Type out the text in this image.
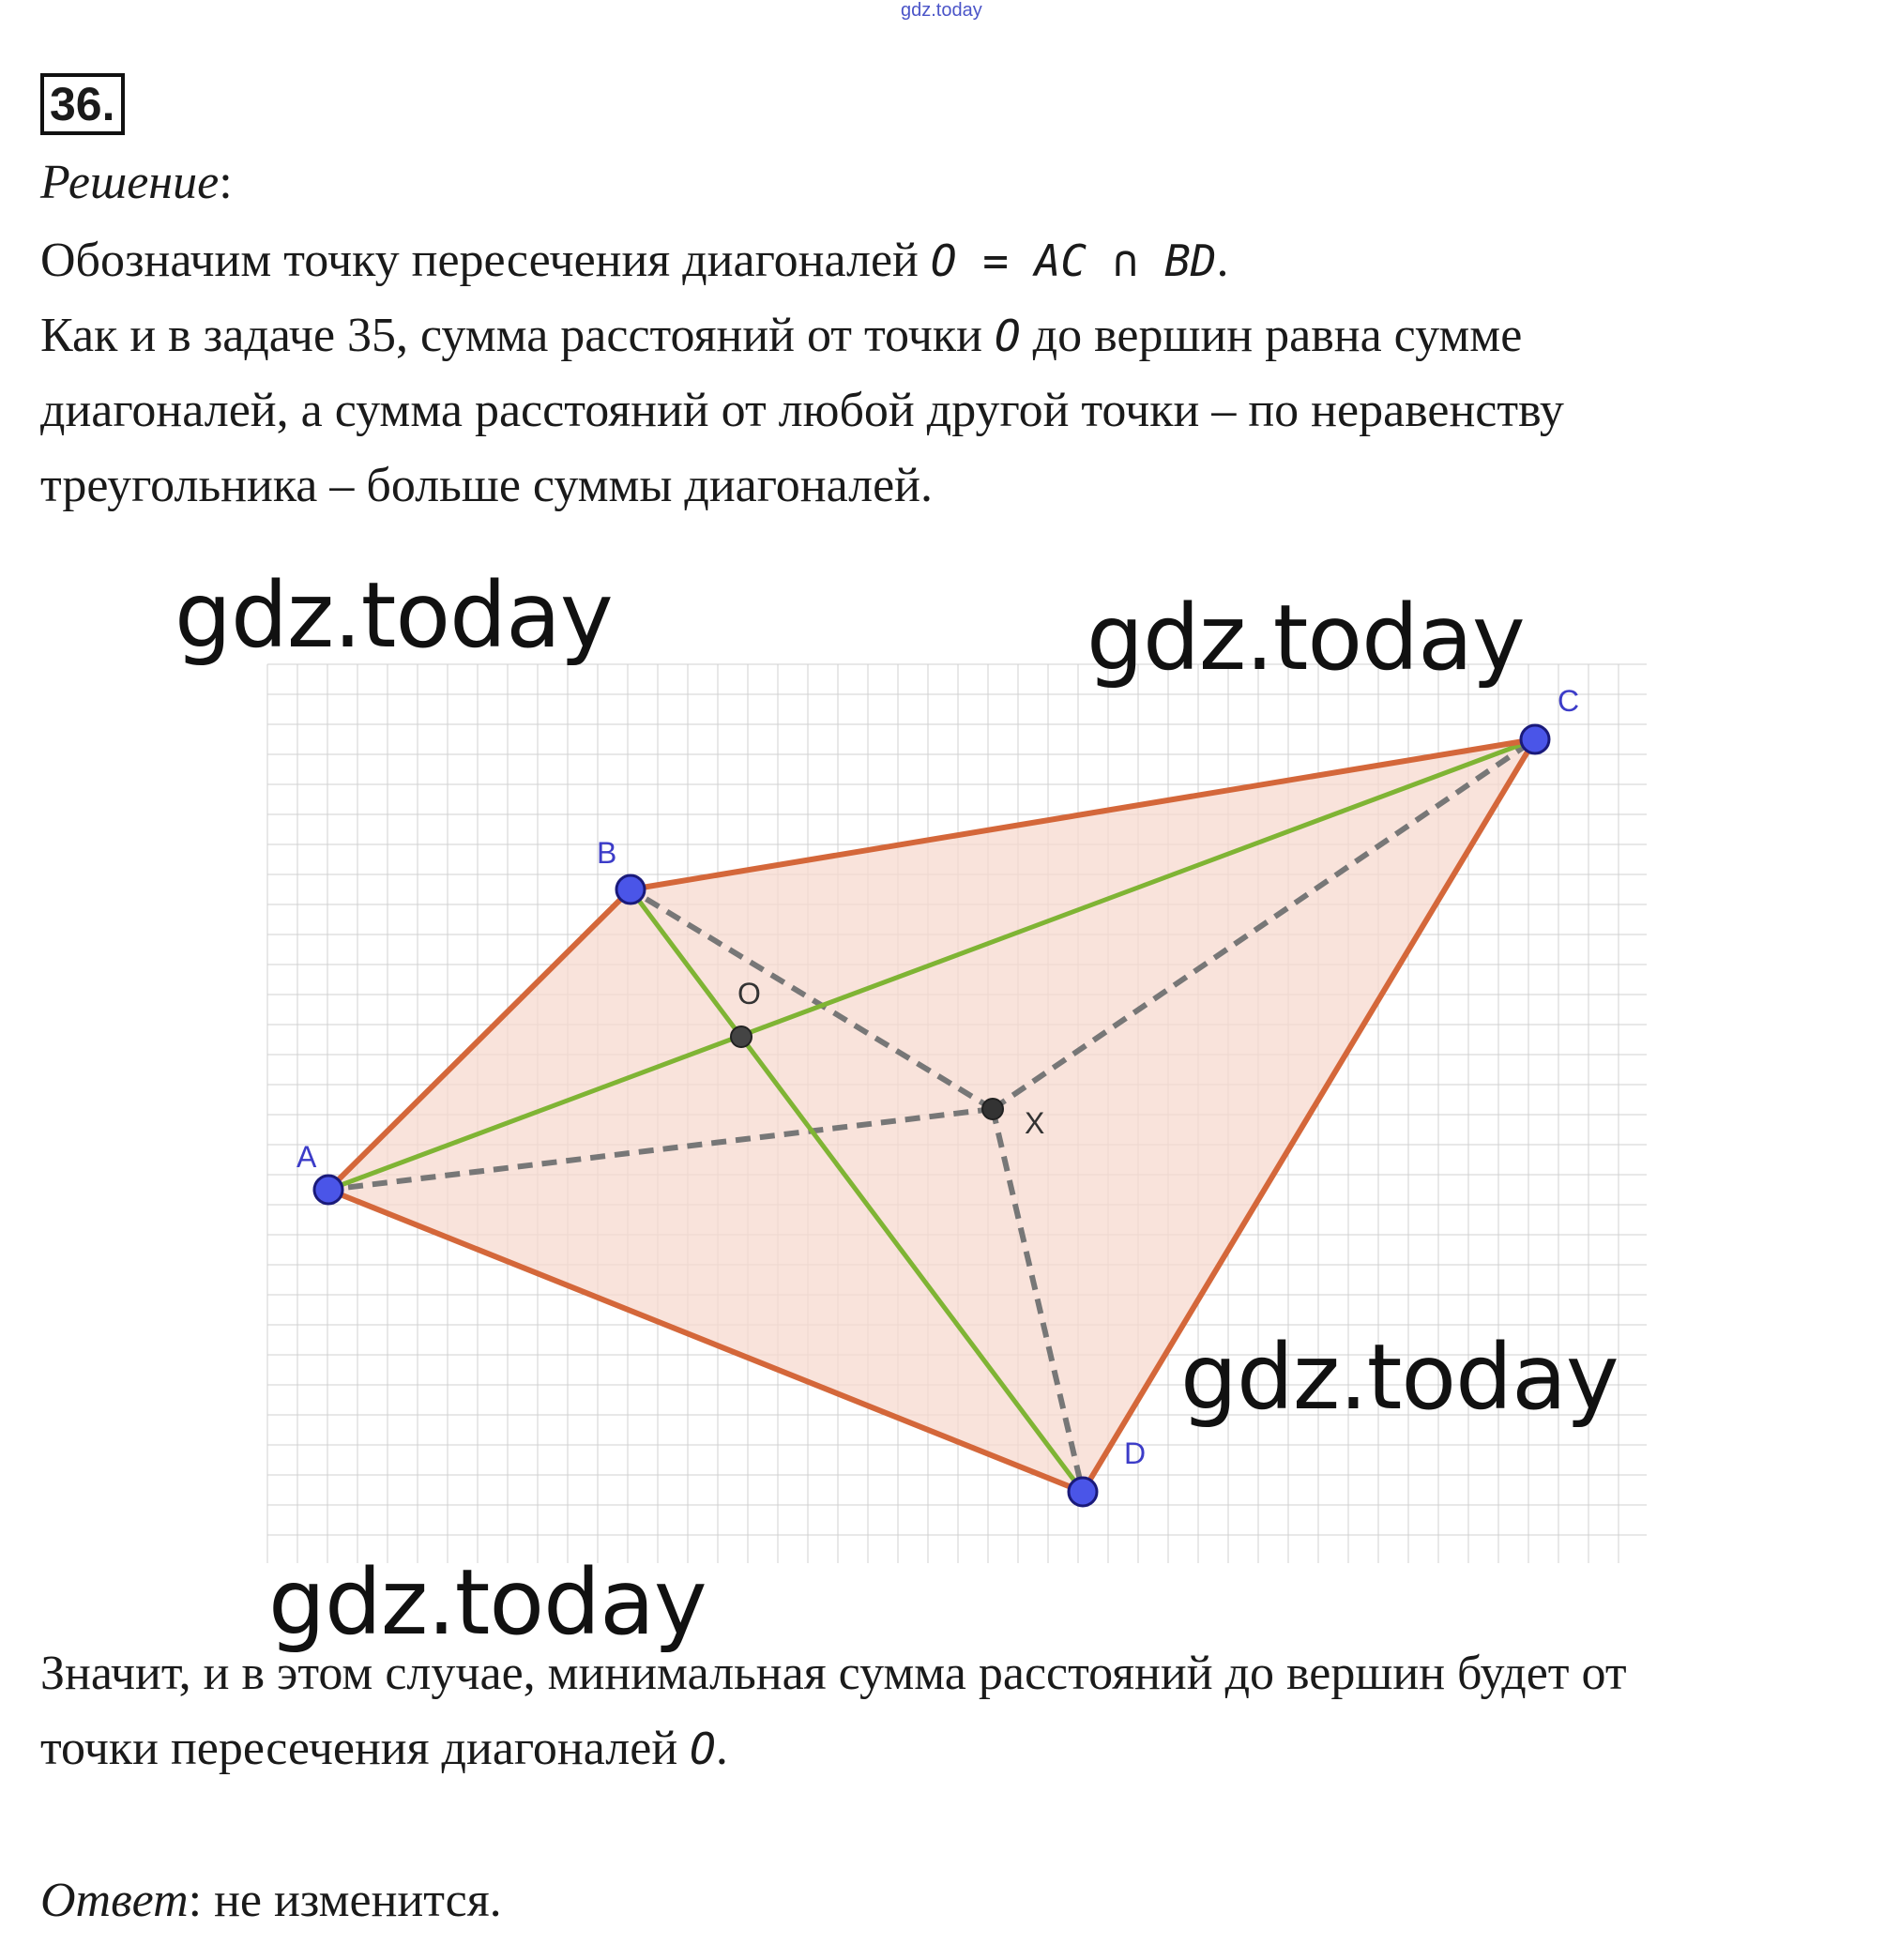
gdz.today
36.
Решение:
Обозначим точку пересечения диагоналей O = AC ∩ BD.
Как и в задаче 35, сумма расстояний от точки O до вершин равна сумме
диагоналей, а сумма расстояний от любой другой точки – по неравенству
треугольника – больше суммы диагоналей.
A
B
C
D
O
X
gdz.today	gdz.today
gdz.today
gdz.today
Значит, и в этом случае, минимальная сумма расстояний до вершин будет от
точки пересечения диагоналей O.
Ответ: не изменится.
